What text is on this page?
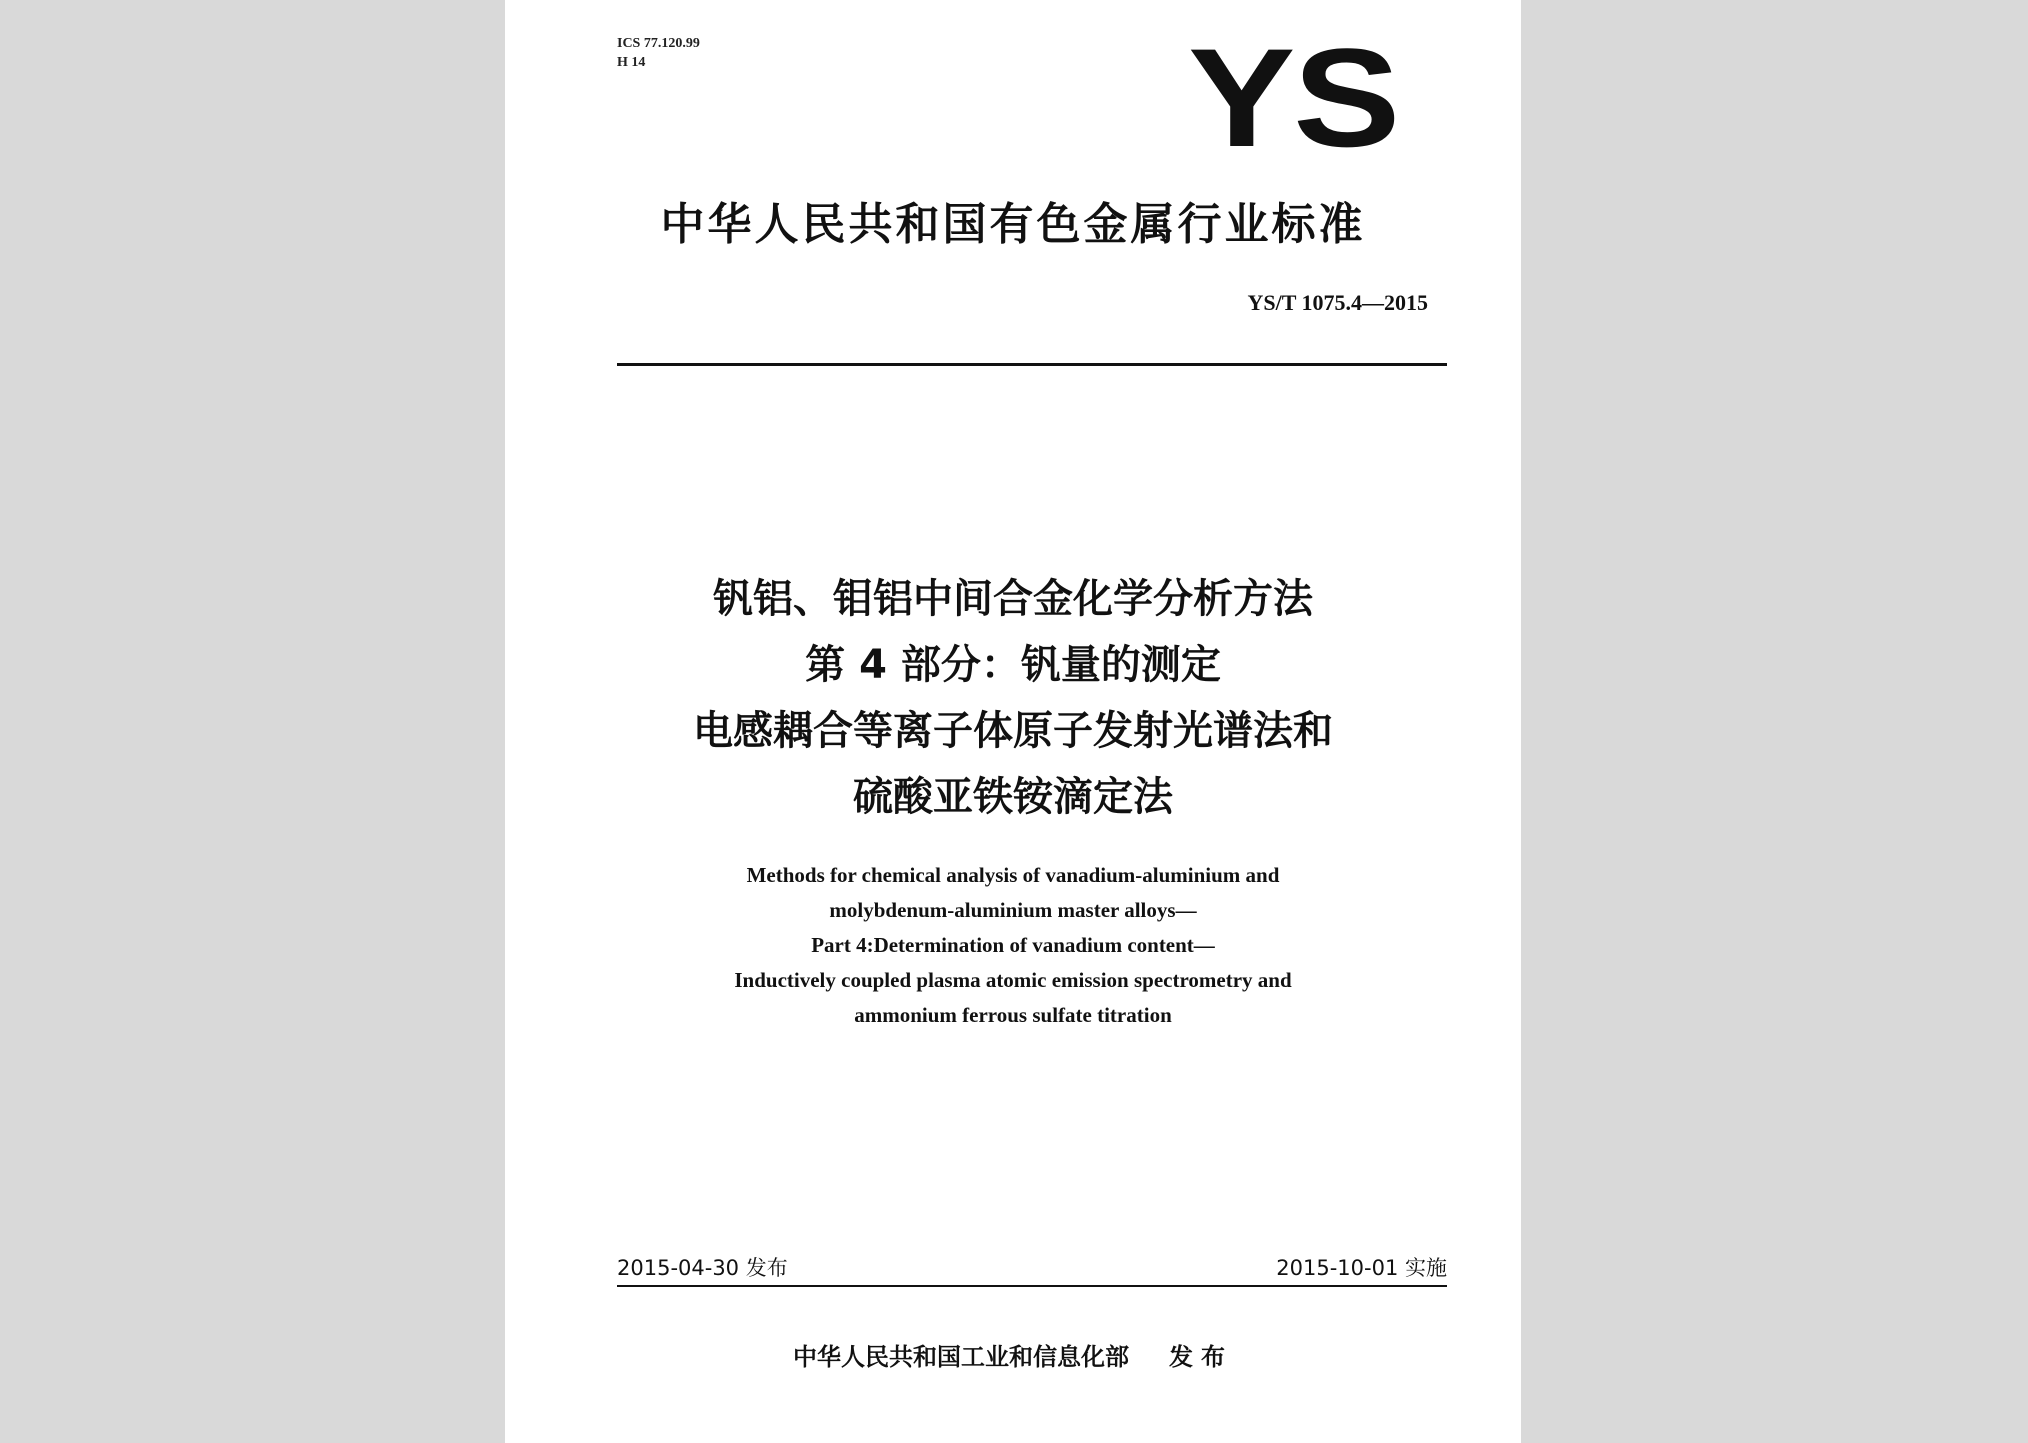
ICS 77.120.99
H 14	YS
中华人民共和国有色金属行业标准
YS/T 1075.4—2015
钒铝、钼铝中间合金化学分析方法
第 4 部分：钒量的测定
电感耦合等离子体原子发射光谱法和
硫酸亚铁铵滴定法
Methods for chemical analysis of vanadium-aluminium and
molybdenum-aluminium master alloys—
Part 4:Determination of vanadium content—
Inductively coupled plasma atomic emission spectrometry and
ammonium ferrous sulfate titration
2015-04-30 发布	2015-10-01 实施
中华人民共和国工业和信息化部 发布
